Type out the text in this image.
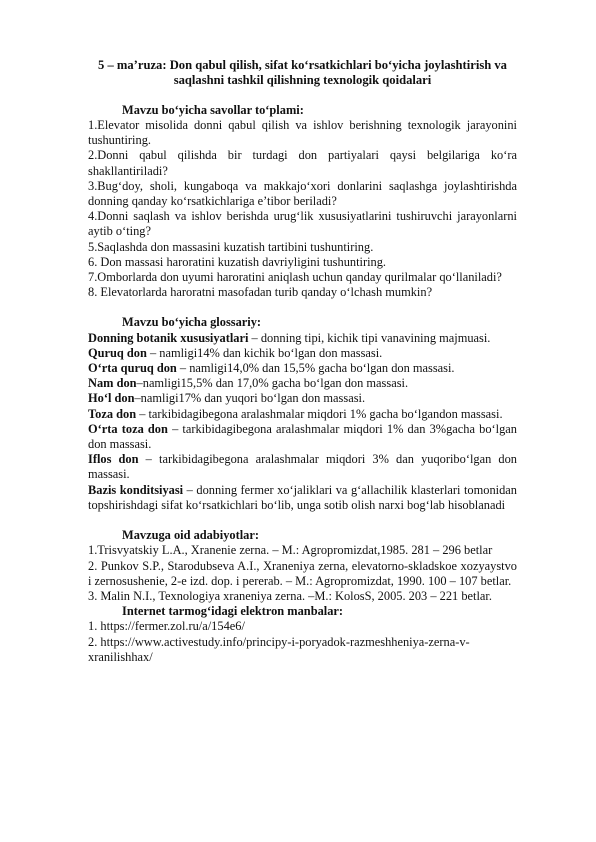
5 – ma’ruza: Don qabul qilish, sifat ko‘rsatkichlari bo‘yicha joylashtirish va saqlashni tashkil qilishning texnologik qoidalari

Mavzu bo‘yicha savollar to‘plami:

1.Elevator misolida donni qabul qilish va ishlov berishning texnologik jarayonini tushuntiring.

2.Donni qabul qilishda bir turdagi don partiyalari qaysi belgilariga ko‘ra shakllantiriladi?

3.Bug‘doy, sholi, kungaboqa va makkajo‘xori donlarini saqlashga joylashtirishda donning qanday ko‘rsatkichlariga e’tibor beriladi?

4.Donni saqlash va ishlov berishda urug‘lik xususiyatlarini tushiruvchi jarayonlarni aytib o‘ting?

5.Saqlashda don massasini kuzatish tartibini tushuntiring.

6. Don massasi haroratini kuzatish davriyligini tushuntiring.

7.Omborlarda don uyumi haroratini aniqlash uchun qanday qurilmalar qo‘llaniladi?

8. Elevatorlarda haroratni masofadan turib qanday o‘lchash mumkin?

Mavzu bo‘yicha glossariy:

Donning botanik xususiyatlari – donning tipi, kichik tipi vanavining majmuasi.

Quruq don – namligi14% dan kichik bo‘lgan don massasi.

O‘rta quruq don – namligi14,0% dan 15,5% gacha bo‘lgan don massasi.

Nam don–namligi15,5% dan 17,0% gacha bo‘lgan don massasi.

Ho‘l don–namligi17% dan yuqori bo‘lgan don massasi.

Toza don – tarkibidagibegona aralashmalar miqdori 1% gacha bo‘lgandon massasi.

O‘rta toza don – tarkibidagibegona aralashmalar miqdori 1% dan 3%gacha bo‘lgan don massasi.

Iflos don – tarkibidagibegona aralashmalar miqdori 3% dan yuqoribo‘lgan don massasi.

Bazis konditsiyasi – donning fermer xo‘jaliklari va g‘allachilik klasterlari tomonidan topshirishdagi sifat ko‘rsatkichlari bo‘lib, unga sotib olish narxi bog‘lab hisoblanadi

Mavzuga oid adabiyotlar:

1.Trisvyatskiy L.A., Xranenie zerna. – M.: Agropromizdat,1985. 281 – 296 betlar

2. Punkov S.P., Starodubseva A.I., Xraneniya zerna, elevatorno-skladskoe xozyaystvo i zernosushenie, 2-e izd. dop. i pererab. – M.: Agropromizdat, 1990. 100 – 107 betlar.

3. Malin N.I., Texnologiya xraneniya zerna. –M.: KolosS, 2005. 203 – 221 betlar.

Internet tarmog‘idagi elektron manbalar:

1. https://fermer.zol.ru/a/154e6/

2. https://www.activestudy.info/principy-i-poryadok-razmeshheniya-zerna-v-xranilishhax/
